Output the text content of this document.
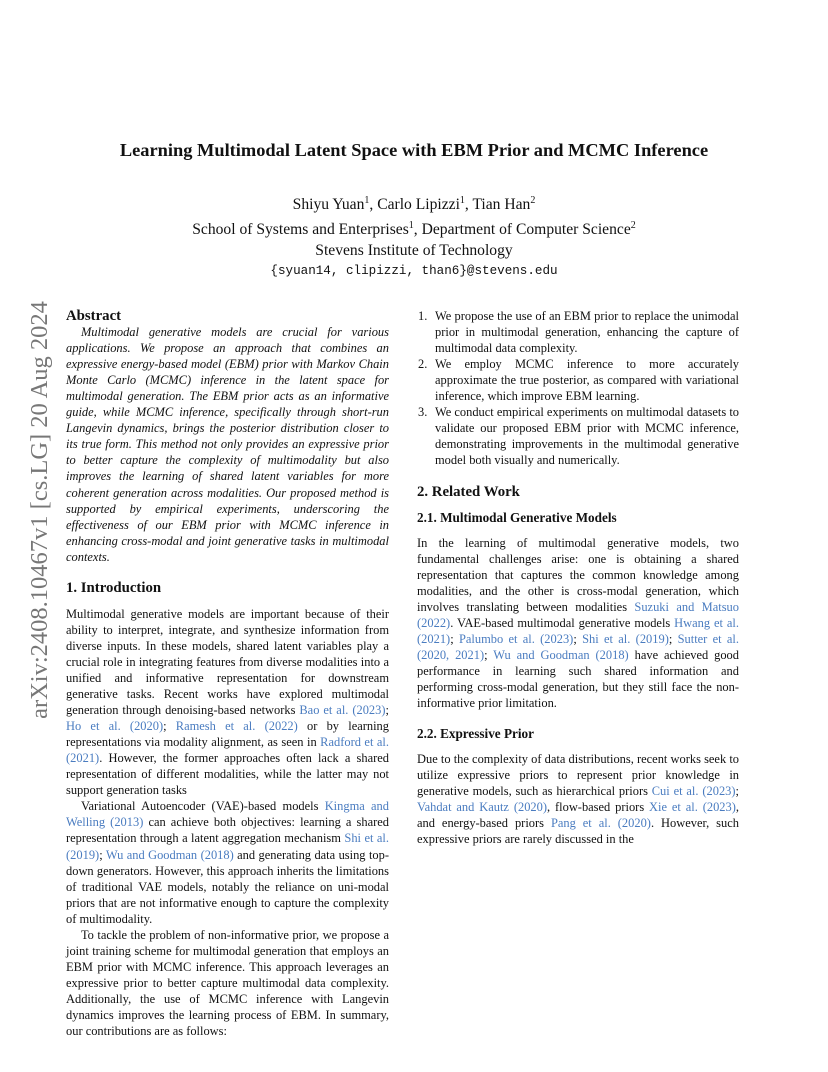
arXiv:2408.10467v1 [cs.LG] 20 Aug 2024
Learning Multimodal Latent Space with EBM Prior and MCMC Inference
Shiyu Yuan$^1$, Carlo Lipizzi$^1$, Tian Han$^2$
School of Systems and Enterprises$^1$, Department of Computer Science$^2$
Stevens Institute of Technology
{syuan14, clipizzi, than6}@stevens.edu

Abstract

Multimodal generative models are crucial for various applications. We propose an approach that combines an expressive energy-based model (EBM) prior with Markov Chain Monte Carlo (MCMC) inference in the latent space for multimodal generation. The EBM prior acts as an informative guide, while MCMC inference, specifically through short-run Langevin dynamics, brings the posterior distribution closer to its true form. This method not only provides an expressive prior to better capture the complexity of multimodality but also improves the learning of shared latent variables for more coherent generation across modalities. Our proposed method is supported by empirical experiments, underscoring the effectiveness of our EBM prior with MCMC inference in enhancing cross-modal and joint generative tasks in multimodal contexts.

1. Introduction

Multimodal generative models are important because of their ability to interpret, integrate, and synthesize information from diverse inputs. In these models, shared latent variables play a crucial role in integrating features from diverse modalities into a unified and informative representation for downstream generative tasks. Recent works have explored multimodal generation through denoising-based networks Bao et al. (2023); Ho et al. (2020); Ramesh et al. (2022) or by learning representations via modality alignment, as seen in Radford et al. (2021). However, the former approaches often lack a shared representation of different modalities, while the latter may not support generation tasks

Variational Autoencoder (VAE)-based models Kingma and Welling (2013) can achieve both objectives: learning a shared representation through a latent aggregation mechanism Shi et al. (2019); Wu and Goodman (2018) and generating data using top-down generators. However, this approach inherits the limitations of traditional VAE models, notably the reliance on uni-modal priors that are not informative enough to capture the complexity of multimodality.

To tackle the problem of non-informative prior, we propose a joint training scheme for multimodal generation that employs an EBM prior with MCMC inference. This approach leverages an expressive prior to better capture multimodal data complexity. Additionally, the use of MCMC inference with Langevin dynamics improves the learning process of EBM. In summary, our contributions are as follows:

1. We propose the use of an EBM prior to replace the unimodal prior in multimodal generation, enhancing the capture of multimodal data complexity.
2. We employ MCMC inference to more accurately approximate the true posterior, as compared with variational inference, which improve EBM learning.
3. We conduct empirical experiments on multimodal datasets to validate our proposed EBM prior with MCMC inference, demonstrating improvements in the multimodal generative model both visually and numerically.
2. Related Work
2.1. Multimodal Generative Models

In the learning of multimodal generative models, two fundamental challenges arise: one is obtaining a shared representation that captures the common knowledge among modalities, and the other is cross-modal generation, which involves translating between modalities Suzuki and Matsuo (2022). VAE-based multimodal generative models Hwang et al. (2021); Palumbo et al. (2023); Shi et al. (2019); Sutter et al. (2020, 2021); Wu and Goodman (2018) have achieved good performance in learning such shared information and performing cross-modal generation, but they still face the non-informative prior limitation.

2.2. Expressive Prior

Due to the complexity of data distributions, recent works seek to utilize expressive priors to represent prior knowledge in generative models, such as hierarchical priors Cui et al. (2023); Vahdat and Kautz (2020), flow-based priors Xie et al. (2023), and energy-based priors Pang et al. (2020). However, such expressive priors are rarely discussed in the
